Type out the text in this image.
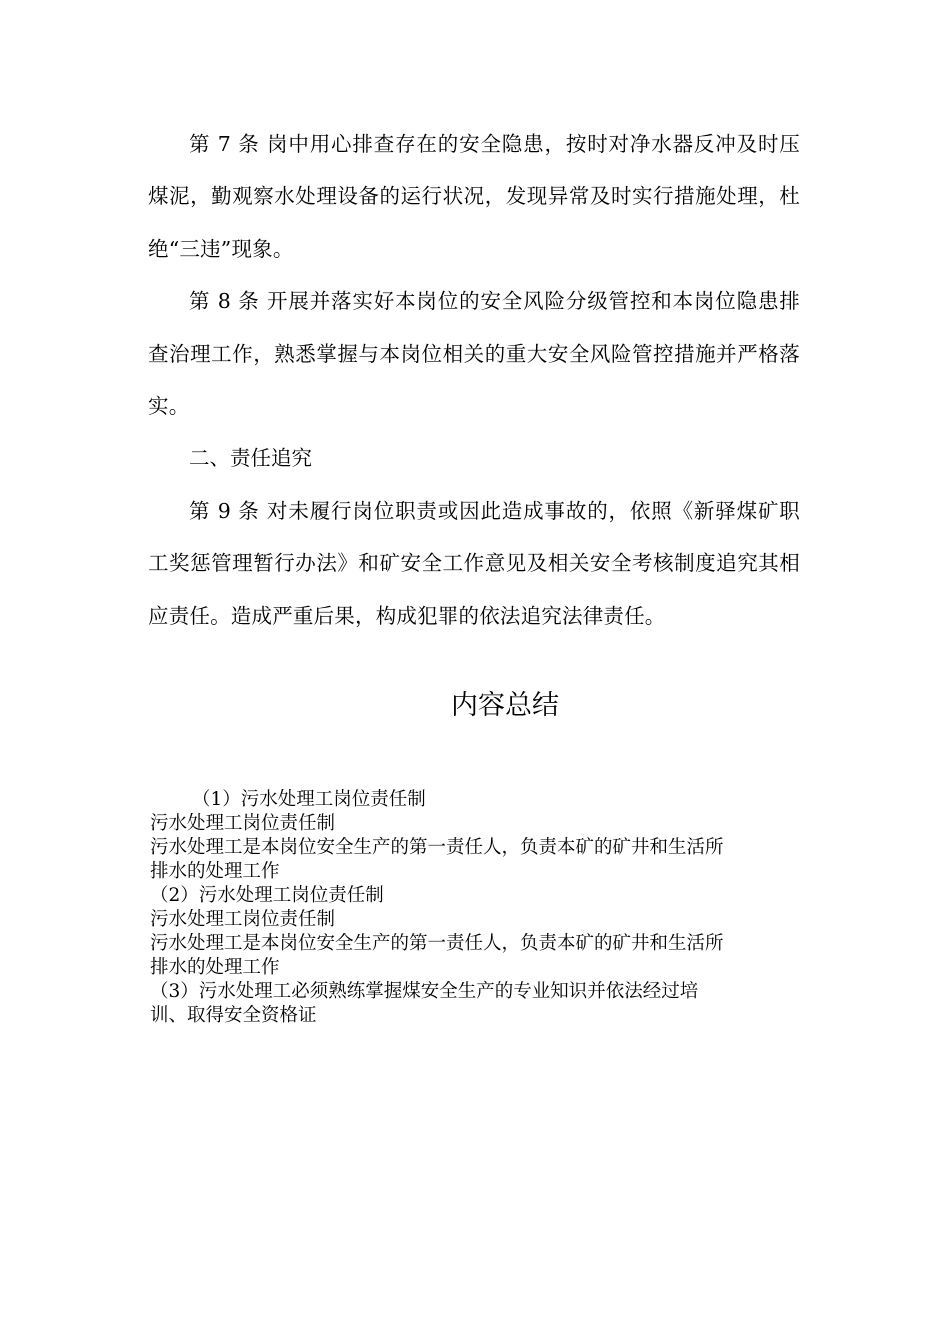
第 7 条 岗中用心排查存在的安全隐患，按时对净水器反冲及时压煤泥，勤观察水处理设备的运行状况，发现异常及时实行措施处理，杜绝“三违”现象。

第 8 条 开展并落实好本岗位的安全风险分级管控和本岗位隐患排查治理工作，熟悉掌握与本岗位相关的重大安全风险管控措施并严格落实。

二、责任追究

第 9 条 对未履行岗位职责或因此造成事故的，依照《新驿煤矿职工奖惩管理暂行办法》和矿安全工作意见及相关安全考核制度追究其相应责任。造成严重后果，构成犯罪的依法追究法律责任。

内容总结

（1）污水处理工岗位责任制

污水处理工岗位责任制

污水处理工是本岗位安全生产的第一责任人，负责本矿的矿井和生活所

排水的处理工作

（2）污水处理工岗位责任制

污水处理工岗位责任制

污水处理工是本岗位安全生产的第一责任人，负责本矿的矿井和生活所

排水的处理工作

（3）污水处理工必须熟练掌握煤安全生产的专业知识并依法经过培

训、取得安全资格证
